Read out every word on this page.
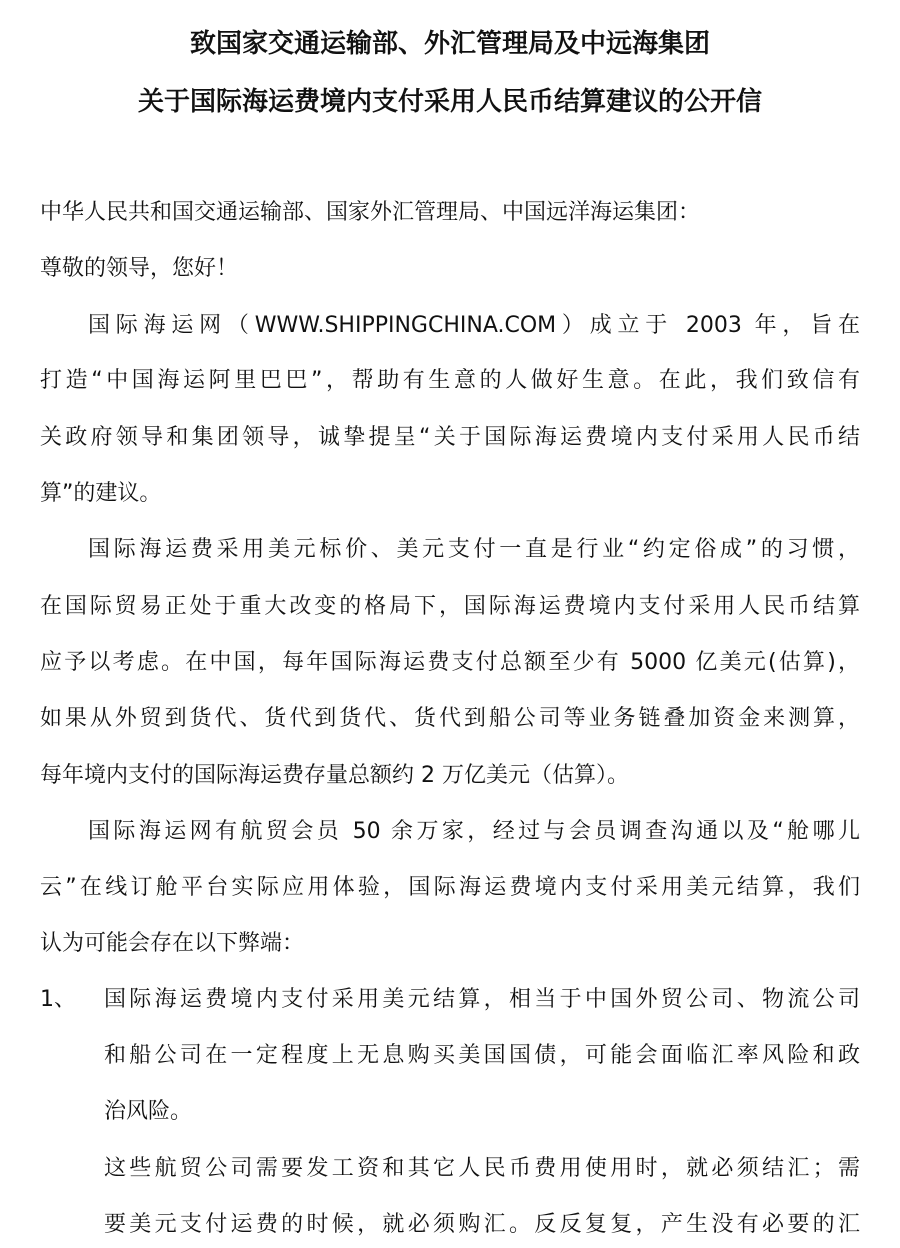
致国家交通运输部、外汇管理局及中远海集团
关于国际海运费境内支付采用人民币结算建议的公开信
中华人民共和国交通运输部、国家外汇管理局、中国远洋海运集团：
尊敬的领导，您好！
国际海运网（WWW.SHIPPINGCHINA.COM）成立于 2003 年，旨在
打造“中国海运阿里巴巴”，帮助有生意的人做好生意。在此，我们致信有
关政府领导和集团领导，诚挚提呈“关于国际海运费境内支付采用人民币结
算”的建议。
国际海运费采用美元标价、美元支付一直是行业“约定俗成”的习惯，
在国际贸易正处于重大改变的格局下，国际海运费境内支付采用人民币结算
应予以考虑。在中国，每年国际海运费支付总额至少有 5000 亿美元(估算)，
如果从外贸到货代、货代到货代、货代到船公司等业务链叠加资金来测算，
每年境内支付的国际海运费存量总额约 2 万亿美元（估算）。
国际海运网有航贸会员 50 余万家，经过与会员调查沟通以及“舱哪儿
云”在线订舱平台实际应用体验，国际海运费境内支付采用美元结算，我们
认为可能会存在以下弊端：
1、 国际海运费境内支付采用美元结算，相当于中国外贸公司、物流公司
和船公司在一定程度上无息购买美国国债，可能会面临汇率风险和政
治风险。
这些航贸公司需要发工资和其它人民币费用使用时，就必须结汇；需
要美元支付运费的时候，就必须购汇。反反复复，产生没有必要的汇
